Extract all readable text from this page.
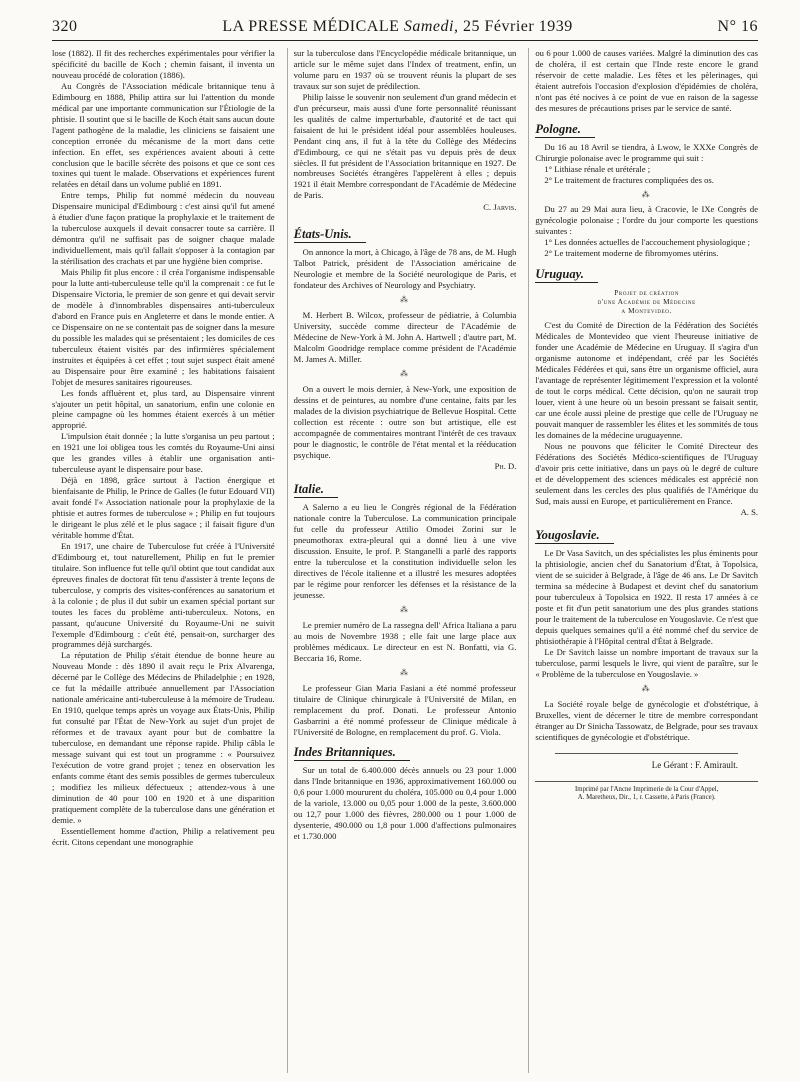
320	LA PRESSE MÉDICALE Samedi, 25 Février 1939	N° 16

lose (1882). Il fit des recherches expérimentales pour vérifier la spécificité du bacille de Koch ; chemin faisant, il inventa un nouveau procédé de coloration (1886).

Au Congrès de l'Association médicale britannique tenu à Edimbourg en 1888, Philip attira sur lui l'attention du monde médical par une importante communication sur l'Étiologie de la phtisie. Il soutint que si le bacille de Koch était sans aucun doute l'agent pathogène de la maladie, les cliniciens se faisaient une conception erronée du mécanisme de la mort dans cette infection. En effet, ses expériences avaient abouti à cette conclusion que le bacille sécrète des poisons et que ce sont ces toxines qui tuent le malade. Observations et expériences furent relatées en détail dans un volume publié en 1891.

Entre temps, Philip fut nommé médecin du nouveau Dispensaire municipal d'Edimbourg : c'est ainsi qu'il fut amené à étudier d'une façon pratique la prophylaxie et le traitement de la tuberculose auxquels il devait consacrer toute sa carrière. Il démontra qu'il ne suffisait pas de soigner chaque malade individuellement, mais qu'il fallait s'opposer à la contagion par la stérilisation des crachats et par une hygiène bien comprise.

Mais Philip fit plus encore : il créa l'organisme indispensable pour la lutte anti-tuberculeuse telle qu'il la comprenait : ce fut le Dispensaire Victoria, le premier de son genre et qui devait servir de modèle à d'innombrables dispensaires anti-tuberculeux d'abord en France puis en Angleterre et dans le monde entier. A ce Dispensaire on ne se contentait pas de soigner dans la mesure du possible les malades qui se présentaient ; les domiciles de ces tuberculeux étaient visités par des infirmières spécialement instruites et équipées à cet effet ; tout sujet suspect était amené au Dispensaire pour être examiné ; les habitations faisaient l'objet de mesures sanitaires rigoureuses.

Les fonds affluèrent et, plus tard, au Dispensaire vinrent s'ajouter un petit hôpital, un sanatorium, enfin une colonie en pleine campagne où les hommes étaient exercés à un métier approprié.

L'impulsion était donnée ; la lutte s'organisa un peu partout ; en 1921 une loi obligea tous les comtés du Royaume-Uni ainsi que les grandes villes à établir une organisation anti-tuberculeuse ayant le dispensaire pour base.

Déjà en 1898, grâce surtout à l'action énergique et bienfaisante de Philip, le Prince de Galles (le futur Edouard VII) avait fondé l'« Association nationale pour la prophylaxie de la phtisie et autres formes de tuberculose » ; Philip en fut toujours le dirigeant le plus zélé et le plus sagace ; il faisait figure d'un véritable homme d'État.

En 1917, une chaire de Tuberculose fut créée à l'Université d'Edimbourg et, tout naturellement, Philip en fut le premier titulaire. Son influence fut telle qu'il obtint que tout candidat aux épreuves finales de doctorat fût tenu d'assister à trente leçons de tuberculose, y compris des visites-conférences au sanatorium et à la colonie ; de plus il dut subir un examen spécial portant sur toutes les faces du problème anti-tuberculeux. Notons, en passant, qu'aucune Université du Royaume-Uni ne suivit l'exemple d'Edimbourg : c'eût été, pensait-on, surcharger des programmes déjà surchargés.

La réputation de Philip s'était étendue de bonne heure au Nouveau Monde : dès 1890 il avait reçu le Prix Alvarenga, décerné par le Collège des Médecins de Philadelphie ; en 1928, ce fut la médaille attribuée annuellement par l'Association nationale américaine anti-tuberculeuse à la mémoire de Trudeau. En 1910, quelque temps après un voyage aux États-Unis, Philip fut consulté par l'État de New-York au sujet d'un projet de réformes et de travaux ayant pour but de combattre la tuberculose, en demandant une réponse rapide. Philip câbla le message suivant qui est tout un programme : « Poursuivez l'exécution de votre grand projet ; tenez en observation les enfants comme étant des semis possibles de germes tuberculeux ; modifiez les milieux défectueux ; attendez-vous à une diminution de 40 pour 100 en 1920 et à une disparition pratiquement complète de la tuberculose dans une génération et demie. »

Essentiellement homme d'action, Philip a relativement peu écrit. Citons cependant une monographie

sur la tuberculose dans l'Encyclopédie médicale britannique, un article sur le même sujet dans l'Index of treatment, enfin, un volume paru en 1937 où se trouvent réunis la plupart de ses travaux sur son sujet de prédilection.

Philip laisse le souvenir non seulement d'un grand médecin et d'un précurseur, mais aussi d'une forte personnalité réunissant les qualités de calme imperturbable, d'autorité et de tact qui faisaient de lui le président idéal pour assemblées houleuses. Pendant cinq ans, il fut à la tête du Collège des Médecins d'Edimbourg, ce qui ne s'était pas vu depuis près de deux siècles. Il fut président de l'Association britannique en 1927. De nombreuses Sociétés étrangères l'appelèrent à elles ; depuis 1921 il était Membre correspondant de l'Académie de Médecine de Paris.

C. Jarvis.
États-Unis.

On annonce la mort, à Chicago, à l'âge de 78 ans, de M. Hugh Talbot Patrick, président de l'Association américaine de Neurologie et membre de la Société neurologique de Paris, et fondateur des Archives of Neurology and Psychiatry.

⁂

M. Herbert B. Wilcox, professeur de pédiatrie, à Columbia University, succède comme directeur de l'Académie de Médecine de New-York à M. John A. Hartwell ; d'autre part, M. Malcolm Goodridge remplace comme président de l'Académie M. James A. Miller.

⁂

On a ouvert le mois dernier, à New-York, une exposition de dessins et de peintures, au nombre d'une centaine, faits par les malades de la division psychiatrique de Bellevue Hospital. Cette collection est récente : outre son but artistique, elle est accompagnée de commentaires montrant l'intérêt de ces travaux pour le diagnostic, le contrôle de l'état mental et la rééducation psychique.

Ph. D.
Italie.

A Salerno a eu lieu le Congrès régional de la Fédération nationale contre la Tuberculose. La communication principale fut celle du professeur Attilio Omodei Zorini sur le pneumothorax extra-pleural qui a donné lieu à une vive discussion. Ensuite, le prof. P. Stanganelli a parlé des rapports entre la tuberculose et la constitution individuelle selon les directives de l'école italienne et a illustré les mesures adoptées par le régime pour renforcer les défenses et la résistance de la jeunesse.

⁂

Le premier numéro de La rassegna dell' Africa Italiana a paru au mois de Novembre 1938 ; elle fait une large place aux problèmes médicaux. Le directeur en est N. Bonfatti, via G. Beccaria 16, Rome.

⁂

Le professeur Gian Maria Fasiani a été nommé professeur titulaire de Clinique chirurgicale à l'Université de Milan, en remplacement du prof. Donati. Le professeur Antonio Gasbarrini a été nommé professeur de Clinique médicale à l'Université de Bologne, en remplacement du prof. G. Viola.

Indes Britanniques.

Sur un total de 6.400.000 décès annuels ou 23 pour 1.000 dans l'Inde britannique en 1936, approximativement 160.000 ou 0,6 pour 1.000 moururent du choléra, 105.000 ou 0,4 pour 1.000 de la variole, 13.000 ou 0,05 pour 1.000 de la peste, 3.600.000 ou 12,7 pour 1.000 des fièvres, 280.000 ou 1 pour 1.000 de dysenterie, 490.000 ou 1,8 pour 1.000 d'affections pulmonaires et 1.730.000

ou 6 pour 1.000 de causes variées. Malgré la diminution des cas de choléra, il est certain que l'Inde reste encore le grand réservoir de cette maladie. Les fêtes et les pèlerinages, qui étaient autrefois l'occasion d'explosion d'épidémies de choléra, n'ont pas été nocives à ce point de vue en raison de la sagesse des mesures de précautions prises par le service de santé.

Pologne.

Du 16 au 18 Avril se tiendra, à Lwow, le XXXe Congrès de Chirurgie polonaise avec le programme qui suit :

1° Lithiase rénale et urétérale ;

2° Le traitement de fractures compliquées des os.

⁂

Du 27 au 29 Mai aura lieu, à Cracovie, le IXe Congrès de gynécologie polonaise ; l'ordre du jour comporte les questions suivantes :

1° Les données actuelles de l'accouchement physiologique ;

2° Le traitement moderne de fibromyomes utérins.

Uruguay.
Projet de création
d'une Académie de Médecine
a Montevideo.

C'est du Comité de Direction de la Fédération des Sociétés Médicales de Montevideo que vient l'heureuse initiative de fonder une Académie de Médecine en Uruguay. Il s'agira d'un organisme autonome et indépendant, créé par les Sociétés Médicales Fédérées et qui, sans être un organisme officiel, aura l'avantage de représenter légitimement l'expression et la volonté de tout le corps médical. Cette décision, qu'on ne saurait trop louer, vient à une heure où un besoin pressant se faisait sentir, car une école aussi pleine de prestige que celle de l'Uruguay ne pouvait manquer de rassembler les élites et les sommités de tous les domaines de la médecine uruguayenne.

Nous ne pouvons que féliciter le Comité Directeur des Fédérations des Sociétés Médico-scientifiques de l'Uruguay d'avoir pris cette initiative, dans un pays où le degré de culture et de développement des sciences médicales est apprécié non seulement dans les cercles des plus qualifiés de l'Amérique du Sud, mais aussi en Europe, et particulièrement en France.

A. S.
Yougoslavie.

Le Dr Vasa Savitch, un des spécialistes les plus éminents pour la phtisiologie, ancien chef du Sanatorium d'État, à Topolsica, vient de se suicider à Belgrade, à l'âge de 46 ans. Le Dr Savitch termina sa médecine à Budapest et devint chef du sanatorium pour tuberculeux à Topolsica en 1922. Il resta 17 années à ce poste et fit d'un petit sanatorium une des plus grandes stations pour le traitement de la tuberculose en Yougoslavie. Ce n'est que depuis quelques semaines qu'il a été nommé chef du service de phtisiothérapie à l'Hôpital central d'État à Belgrade.

Le Dr Savitch laisse un nombre important de travaux sur la tuberculose, parmi lesquels le livre, qui vient de paraître, sur le « Problème de la tuberculose en Yougoslavie. »

⁂

La Société royale belge de gynécologie et d'obstétrique, à Bruxelles, vient de décerner le titre de membre correspondant étranger au Dr Sinicha Tassowatz, de Belgrade, pour ses travaux scientifiques de gynécologie et d'obstétrique.

Le Gérant : F. Amirault.
Imprimé par l'Ancne Imprimerie de la Cour d'Appel,
A. Maretheux, Dir., 1, r. Cassette, à Paris (France).
